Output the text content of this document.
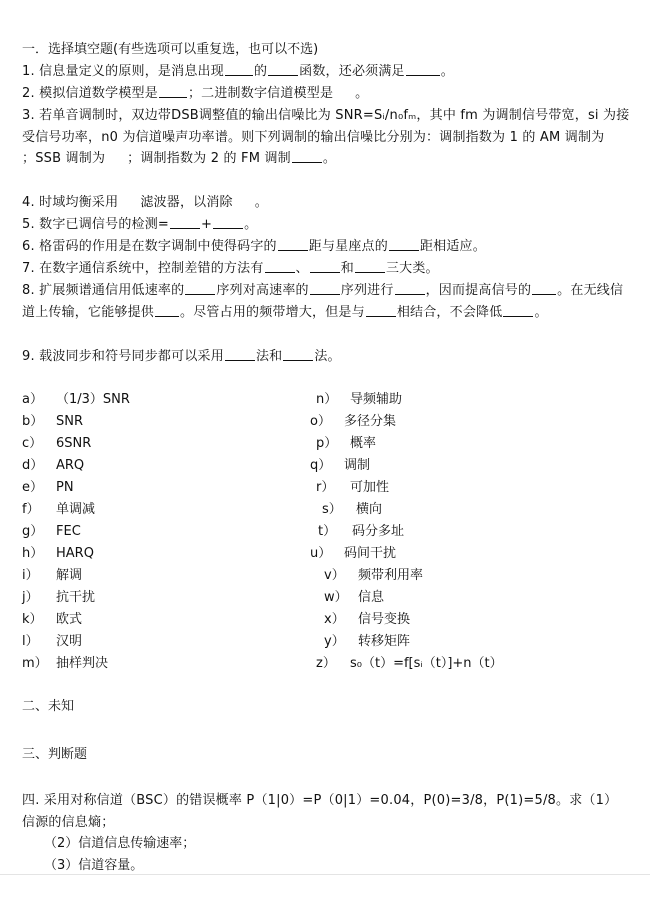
一．选择填空题(有些选项可以重复选，也可以不选)
1. 信息量定义的原则，是消息出现 的 函数，还必须满足	。
2. 模拟信道数学模型是 ；二进制数字信道模型是 。
3. 若单音调制时，双边带DSB调整值的输出信噪比为 SNR=Sᵢ/n₀fₘ，其中 fm 为调制信号带宽，si 为接受信号功率，n0 为信道噪声功率谱。则下列调制的输出信噪比分别为：调制指数为 1 的 AM 调制为；SSB 调制为 ；调制指数为 2 的 FM 调制 。
4. 时域均衡采用 滤波器，以消除 。
5. 数字已调信号的检测= + 。
6. 格雷码的作用是在数字调制中使得码字的 距与星座点的 距相适应。
7. 在数字通信系统中，控制差错的方法有 、 和 三大类。
8. 扩展频谱通信用低速率的 序列对高速率的 序列进行 ，因而提高信号的 。在无线信道上传输，它能够提供 。尽管占用的频带增大，但是与 相结合，不会降低 。
9. 载波同步和符号同步都可以采用 法和 法。
a） （1/3）SNR
b） SNR
c） 6SNR
d） ARQ
e） PN
f） 单调减
g） FEC
h） HARQ
i） 解调
j） 抗干扰
k） 欧式
l） 汉明
m） 抽样判决
n） 导频辅助
o） 多径分集
p） 概率
q） 调制
r） 可加性
s） 横向
t） 码分多址
u） 码间干扰
v） 频带利用率
w） 信息
x） 信号变换
y） 转移矩阵
z） s₀（t）=f[sᵢ（t）]+n（t）
二、未知
三、判断题
四. 采用对称信道（BSC）的错误概率 P（1|0）=P（0|1）=0.04，P(0)=3/8，P(1)=5/8。求（1）信源的信息熵；
（2）信道信息传输速率；
（3）信道容量。
